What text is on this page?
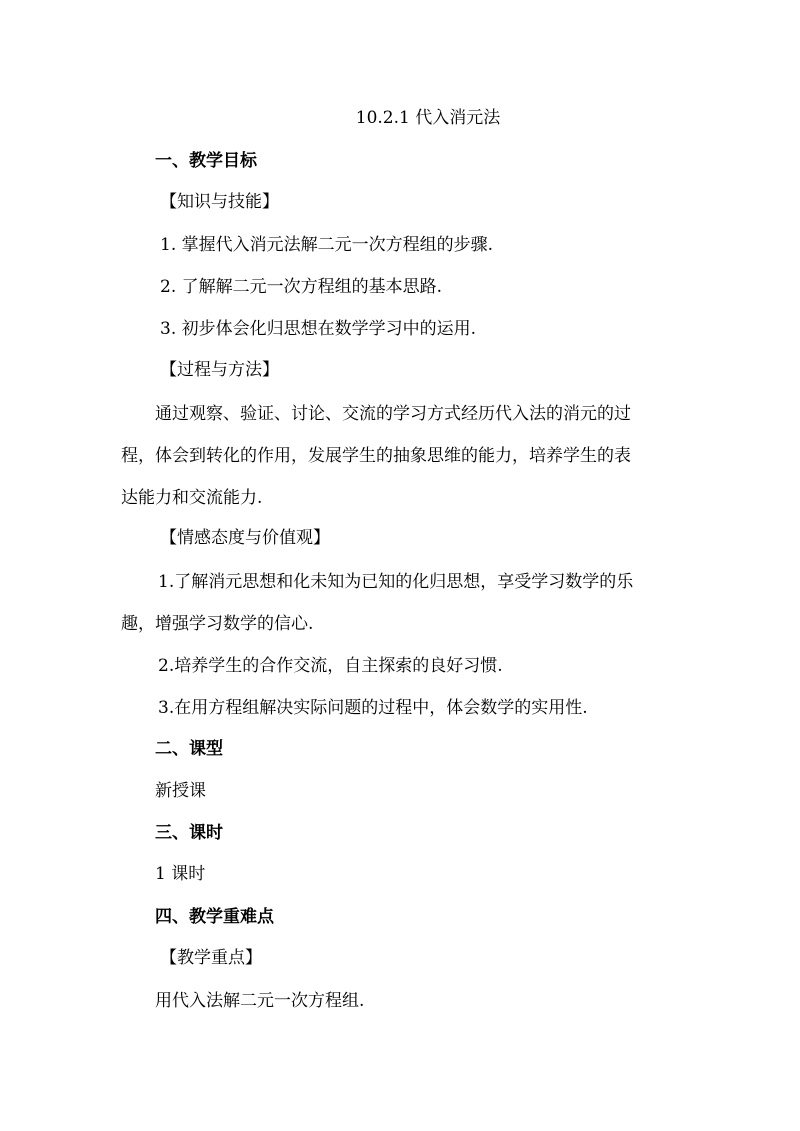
10.2.1 代入消元法
一、教学目标
【知识与技能】
1. 掌握代入消元法解二元一次方程组的步骤.
2. 了解解二元一次方程组的基本思路.
3. 初步体会化归思想在数学学习中的运用.
【过程与方法】
通过观察、验证、讨论、交流的学习方式经历代入法的消元的过
程，体会到转化的作用，发展学生的抽象思维的能力，培养学生的表
达能力和交流能力.
【情感态度与价值观】
1.了解消元思想和化未知为已知的化归思想，享受学习数学的乐
趣，增强学习数学的信心.
2.培养学生的合作交流，自主探索的良好习惯.
3.在用方程组解决实际问题的过程中，体会数学的实用性.
二、课型
新授课
三、课时
1 课时
四、教学重难点
【教学重点】
用代入法解二元一次方程组.
